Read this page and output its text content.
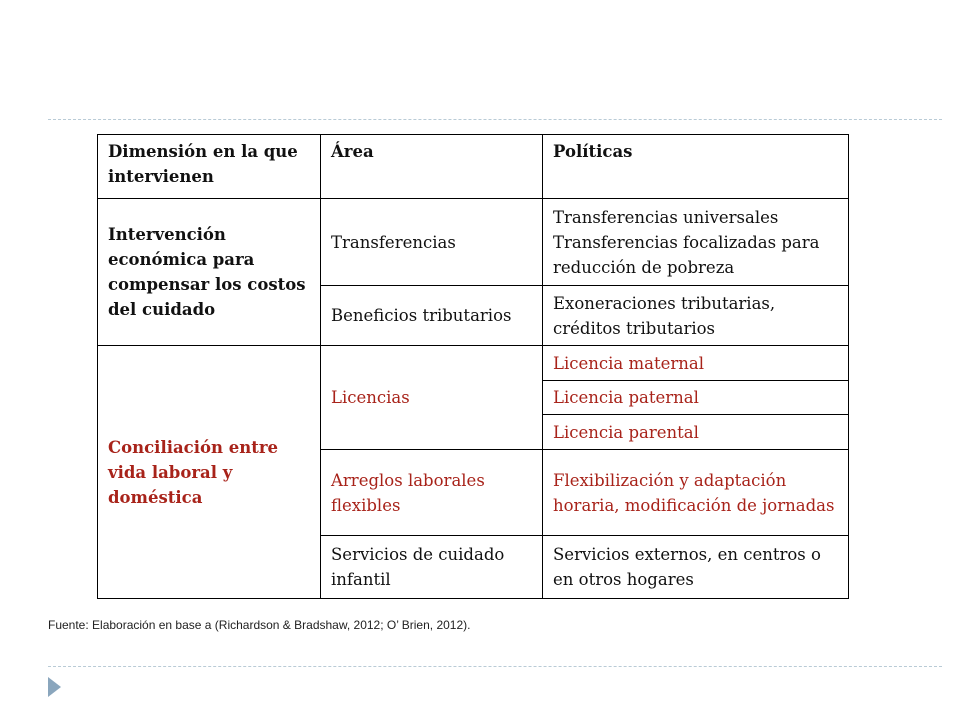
Dimensión en la que intervienen	Área	Políticas
Intervención económica para compensar los costos del cuidado	Transferencias	Transferencias universales Transferencias focalizadas para reducción de pobreza
	Beneficios tributarios	Exoneraciones tributarias, créditos tributarios
Conciliación entre vida laboral y doméstica	Licencias	Licencia maternal
		Licencia paternal
		Licencia parental
	Arreglos laborales flexibles	Flexibilización y adaptación horaria, modificación de jornadas
	Servicios de cuidado infantil	Servicios externos, en centros o en otros hogares
Fuente: Elaboración en base a (Richardson & Bradshaw, 2012; O’ Brien, 2012).
